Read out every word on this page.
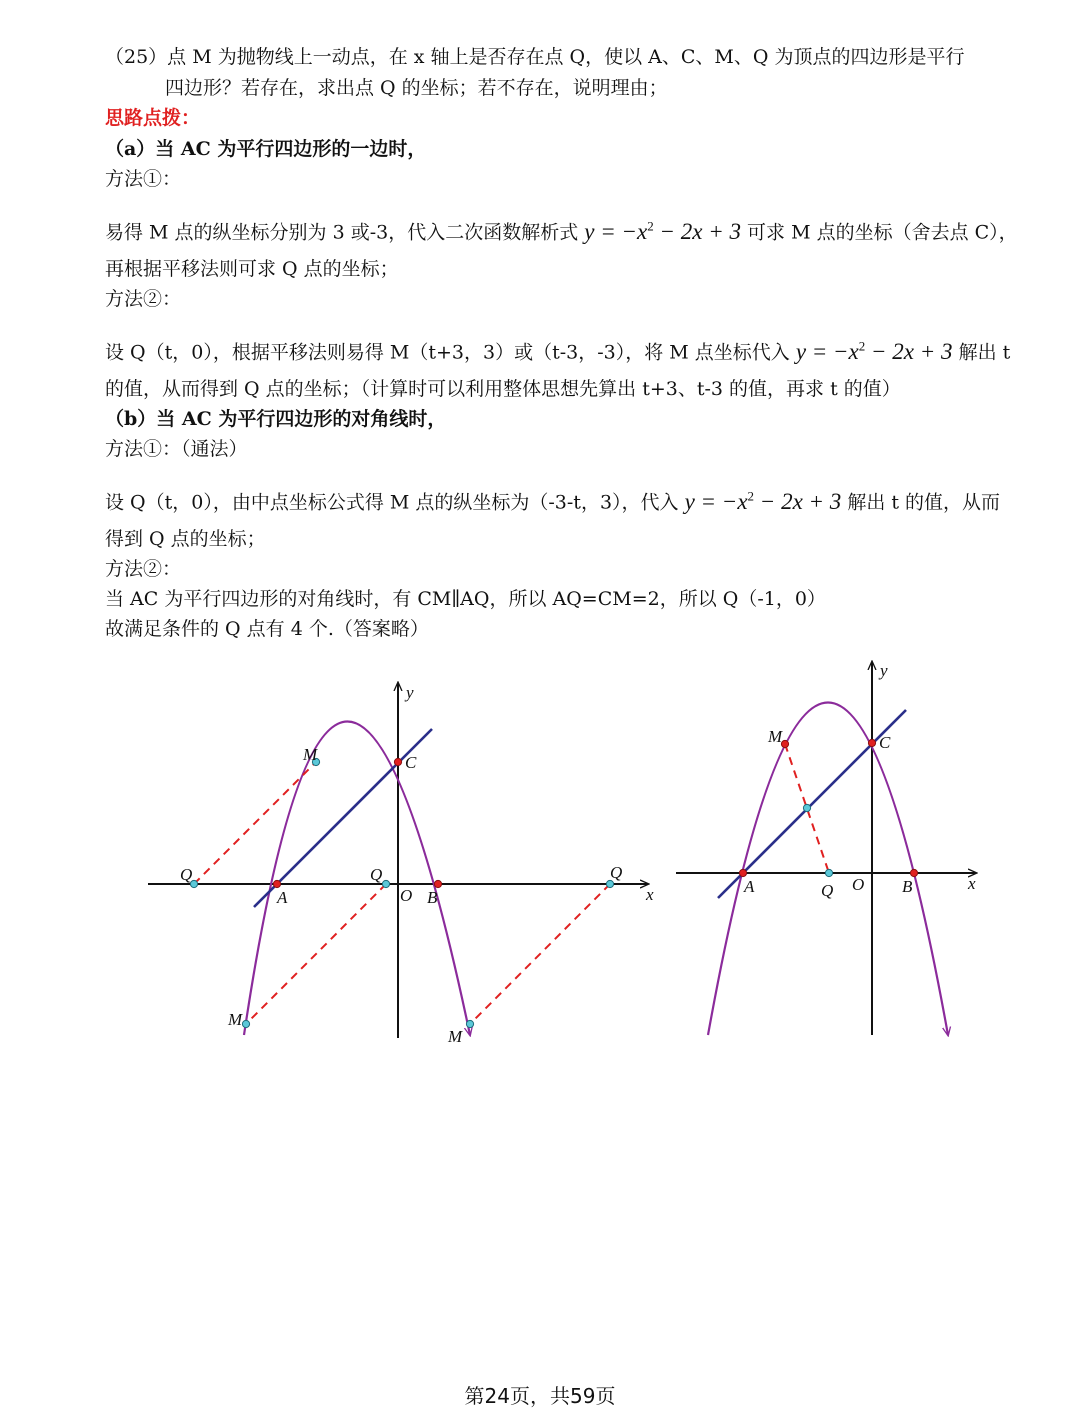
（25）点 M 为抛物线上一动点，在 x 轴上是否存在点 Q，使以 A、C、M、Q 为顶点的四边形是平行
四边形？若存在，求出点 Q 的坐标；若不存在，说明理由；
思路点拨：
（a）当 AC 为平行四边形的一边时，
方法①：
易得 M 点的纵坐标分别为 3 或-3，代入二次函数解析式 $y = -x^2 - 2x + 3$ 可求 M 点的坐标（舍去点 C），
再根据平移法则可求 Q 点的坐标；
方法②：
设 Q（t，0），根据平移法则易得 M（t+3，3）或（t-3，-3），将 M 点坐标代入 $y = -x^2 - 2x + 3$ 解出 t
的值，从而得到 Q 点的坐标；（计算时可以利用整体思想先算出 t+3、t-3 的值，再求 t 的值）
（b）当 AC 为平行四边形的对角线时，
方法①：（通法）
设 Q（t，0），由中点坐标公式得 M 点的纵坐标为（-3-t，3），代入 $y = -x^2 - 2x + 3$ 解出 t 的值，从而
得到 Q 点的坐标；
方法②：
当 AC 为平行四边形的对角线时，有 CM∥AQ，所以 AQ=CM=2，所以 Q（-1，0）
故满足条件的 Q 点有 4 个.（答案略）
y
x
O
A	B
C
M
M
M
Q	Q	Q
y
x
O
A	B
C
M
Q
第24页，共59页
